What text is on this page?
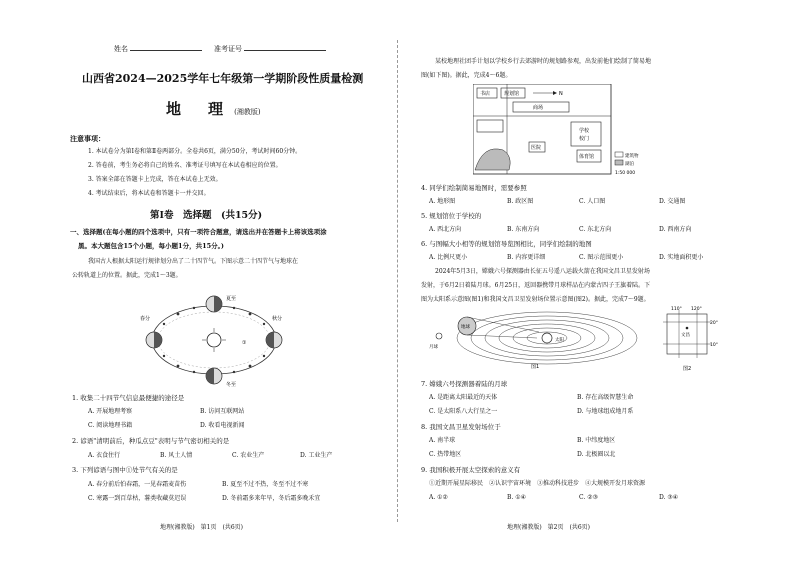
姓名	准考证号
山西省2024—2025学年七年级第一学期阶段性质量检测
地　理 (湘教版)
注意事项：
1. 本试卷分为第Ⅰ卷和第Ⅱ卷两部分。全卷共6页，满分50分，考试时间60分钟。
2. 答卷前，考生务必将自己的姓名、准考证号填写在本试卷相应的位置。
3. 答案全部在答题卡上完成，答在本试卷上无效。
4. 考试结束后，将本试卷和答题卡一并交回。
第Ⅰ卷　选择题　(共15分)
一、选择题(在每小题的四个选项中，只有一项符合题意，请选出并在答题卡上将该选项涂
黑。本大题包含15个小题，每小题1分，共15分。)
我国古人根据太阳运行规律划分出了二十四节气。下图示意二十四节气与地球在
公转轨道上的位置。据此，完成1～3题。
春分	秋分
夏至
冬至
①
1. 收集二十四节气信息最便捷的途径是
A. 开展地理考察	B. 访问互联网站
C. 阅读地理书籍	D. 收看电视新闻
2. 谚语"清明前后，种瓜点豆"表明与节气密切相关的是
A. 衣食住行	B. 风土人情	C. 农业生产	D. 工业生产
3. 下列谚语与图中①处节气有关的是
A. 春分前后怕春霜，一见春霜麦苗伤	B. 夏至不过不热，冬至不过不寒
C. 寒露一到百草枯，薯类收藏莫迟误	D. 冬前霜多来年旱，冬后霜多晚禾宜
地理(湘教版)　第1页　(共6页)
某校地理社团手计划以学校乡行去郊游时的规划路参观，出发前他们绘制了简易地
图(如下图)。据此，完成4～6题。
书店	规划馆	N
商场
学校
校门
医院
体育馆	建筑物
湖泊
1:50 000
4. 同学们绘制简易地图时，需要参照
A. 地形图	B. 政区图	C. 人口图	D. 交通图
5. 规划馆位于学校的
A. 西北方向	B. 东南方向	C. 东北方向	D. 西南方向
6. 与图幅大小相等的规划馆导览图相比，同学们绘制的地图
A. 比例尺更小	B. 内容更详细	C. 图示范围更小	D. 实地面积更小
2024年5月3日，嫦娥六号探测器由长征五号遥八运载火箭在我国文昌卫星发射场
发射，于6月2日着陆月球。6月25日，返回器携带月球样品在内蒙古四子王旗着陆。下
图为太阳系示意图(图1)和我国文昌卫星发射场位置示意图(图2)。据此，完成7～9题。
太阳
地球
月球
图1
110° 120°
20°
10°
文昌
图2
7. 嫦娥六号探测器着陆的月球
A. 是距离太阳最近的天体	B. 存在高级智慧生命
C. 是太阳系八大行星之一	D. 与地球组成地月系
8. 我国文昌卫星发射场位于
A. 南半球	B. 中纬度地区
C. 热带地区	D. 北极圈以北
9. 我国积极开展太空探索的意义有
①近期开展星际移民　②认识宇宙环境　③推动科技进步　④大规模开发月球资源
A. ①②	B. ①④	C. ②③	D. ③④
地理(湘教版)　第2页　(共6页)
